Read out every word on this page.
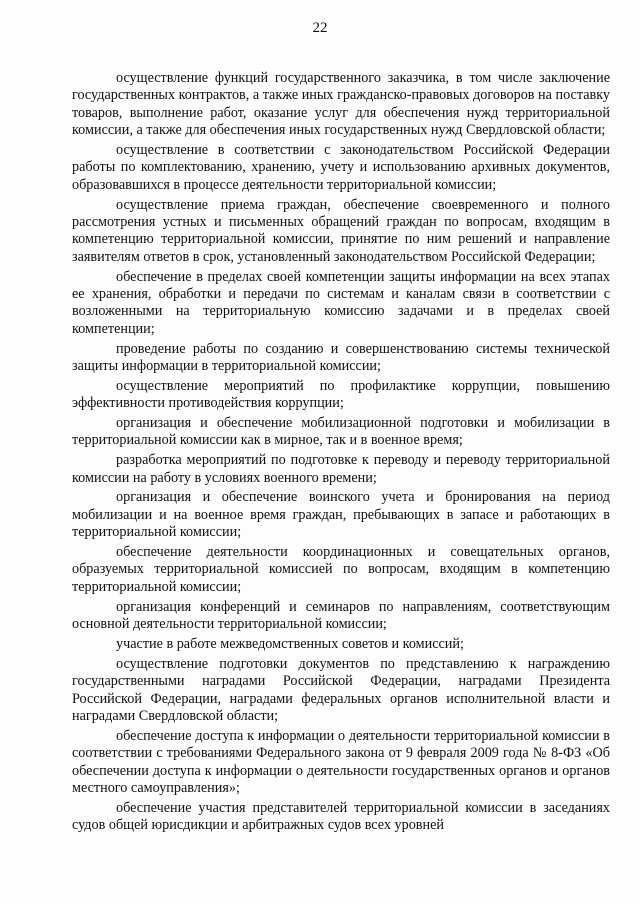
22

осуществление функций государственного заказчика, в том числе заключение государственных контрактов, а также иных гражданско-правовых договоров на поставку товаров, выполнение работ, оказание услуг для обеспечения нужд территориальной комиссии, а также для обеспечения иных государственных нужд Свердловской области;

осуществление в соответствии с законодательством Российской Федерации работы по комплектованию, хранению, учету и использованию архивных документов, образовавшихся в процессе деятельности территориальной комиссии;

осуществление приема граждан, обеспечение своевременного и полного рассмотрения устных и письменных обращений граждан по вопросам, входящим в компетенцию территориальной комиссии, принятие по ним решений и направление заявителям ответов в срок, установленный законодательством Российской Федерации;

обеспечение в пределах своей компетенции защиты информации на всех этапах ее хранения, обработки и передачи по системам и каналам связи в соответствии с возложенными на территориальную комиссию задачами и в пределах своей компетенции;

проведение работы по созданию и совершенствованию системы технической защиты информации в территориальной комиссии;

осуществление мероприятий по профилактике коррупции, повышению эффективности противодействия коррупции;

организация и обеспечение мобилизационной подготовки и мобилизации в территориальной комиссии как в мирное, так и в военное время;

разработка мероприятий по подготовке к переводу и переводу территориальной комиссии на работу в условиях военного времени;

организация и обеспечение воинского учета и бронирования на период мобилизации и на военное время граждан, пребывающих в запасе и работающих в территориальной комиссии;

обеспечение деятельности координационных и совещательных органов, образуемых территориальной комиссией по вопросам, входящим в компетенцию территориальной комиссии;

организация конференций и семинаров по направлениям, соответствующим основной деятельности территориальной комиссии;

участие в работе межведомственных советов и комиссий;

осуществление подготовки документов по представлению к награждению государственными наградами Российской Федерации, наградами Президента Российской Федерации, наградами федеральных органов исполнительной власти и наградами Свердловской области;

обеспечение доступа к информации о деятельности территориальной комиссии в соответствии с требованиями Федерального закона от 9 февраля 2009 года № 8-ФЗ «Об обеспечении доступа к информации о деятельности государственных органов и органов местного самоуправления»;

обеспечение участия представителей территориальной комиссии в заседаниях судов общей юрисдикции и арбитражных судов всех уровней
